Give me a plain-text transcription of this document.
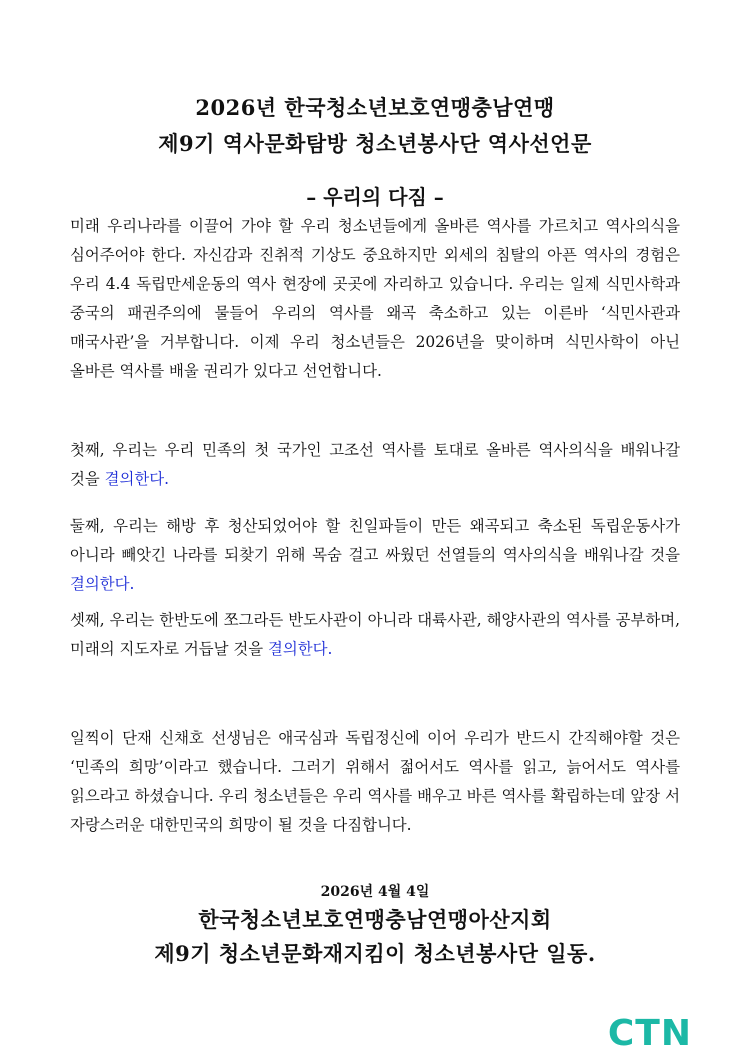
2026년 한국청소년보호연맹충남연맹
제9기 역사문화탐방 청소년봉사단 역사선언문
– 우리의 다짐 –

미래 우리나라를 이끌어 가야 할 우리 청소년들에게 올바른 역사를 가르치고 역사의식을 심어주어야 한다. 자신감과 진취적 기상도 중요하지만 외세의 침탈의 아픈 역사의 경험은 우리 4.4 독립만세운동의 역사 현장에 곳곳에 자리하고 있습니다. 우리는 일제 식민사학과 중국의 패권주의에 물들어 우리의 역사를 왜곡 축소하고 있는 이른바 ‘식민사관과 매국사관’을 거부합니다. 이제 우리 청소년들은 2026년을 맞이하며 식민사학이 아닌 올바른 역사를 배울 권리가 있다고 선언합니다.

첫째, 우리는 우리 민족의 첫 국가인 고조선 역사를 토대로 올바른 역사의식을 배워나갈 것을 결의한다.

둘째, 우리는 해방 후 청산되었어야 할 친일파들이 만든 왜곡되고 축소된 독립운동사가 아니라 빼앗긴 나라를 되찾기 위해 목숨 걸고 싸웠던 선열들의 역사의식을 배워나갈 것을 결의한다.

셋째, 우리는 한반도에 쪼그라든 반도사관이 아니라 대륙사관, 해양사관의 역사를 공부하며, 미래의 지도자로 거듭날 것을 결의한다.

일찍이 단재 신채호 선생님은 애국심과 독립정신에 이어 우리가 반드시 간직해야할 것은 ‘민족의 희망’이라고 했습니다. 그러기 위해서 젊어서도 역사를 읽고, 늙어서도 역사를 읽으라고 하셨습니다. 우리 청소년들은 우리 역사를 배우고 바른 역사를 확립하는데 앞장 서 자랑스러운 대한민국의 희망이 될 것을 다짐합니다.

2026년 4월 4일
한국청소년보호연맹충남연맹아산지회
제9기 청소년문화재지킴이 청소년봉사단 일동.
CTN
